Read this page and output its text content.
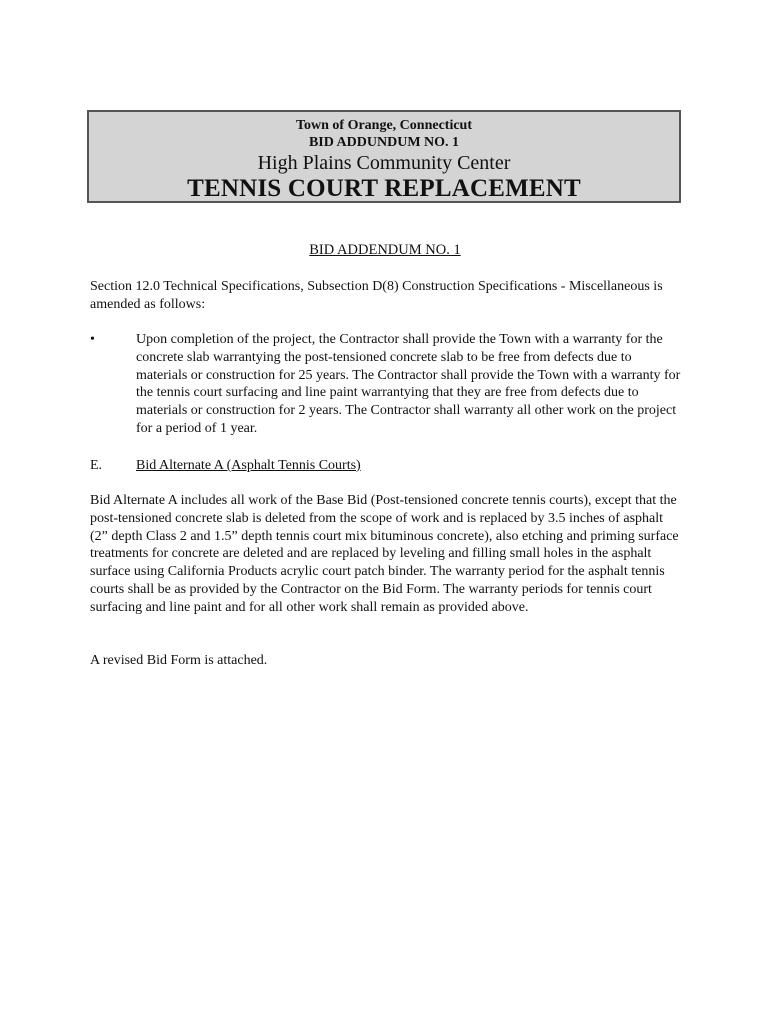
Town of Orange, Connecticut
BID ADDUNDUM NO. 1
High Plains Community Center
TENNIS COURT REPLACEMENT
BID ADDENDUM NO. 1

Section 12.0 Technical Specifications, Subsection D(8) Construction Specifications - Miscellaneous is amended as follows:

•	Upon completion of the project, the Contractor shall provide the Town with a warranty for the concrete slab warrantying the post-tensioned concrete slab to be free from defects due to materials or construction for 25 years. The Contractor shall provide the Town with a warranty for the tennis court surfacing and line paint warrantying that they are free from defects due to materials or construction for 2 years. The Contractor shall warranty all other work on the project for a period of 1 year.

E. Bid Alternate A (Asphalt Tennis Courts)

Bid Alternate A includes all work of the Base Bid (Post-tensioned concrete tennis courts), except that the post-tensioned concrete slab is deleted from the scope of work and is replaced by 3.5 inches of asphalt (2” depth Class 2 and 1.5” depth tennis court mix bituminous concrete), also etching and priming surface treatments for concrete are deleted and are replaced by leveling and filling small holes in the asphalt surface using California Products acrylic court patch binder. The warranty period for the asphalt tennis courts shall be as provided by the Contractor on the Bid Form. The warranty periods for tennis court surfacing and line paint and for all other work shall remain as provided above.

A revised Bid Form is attached.
